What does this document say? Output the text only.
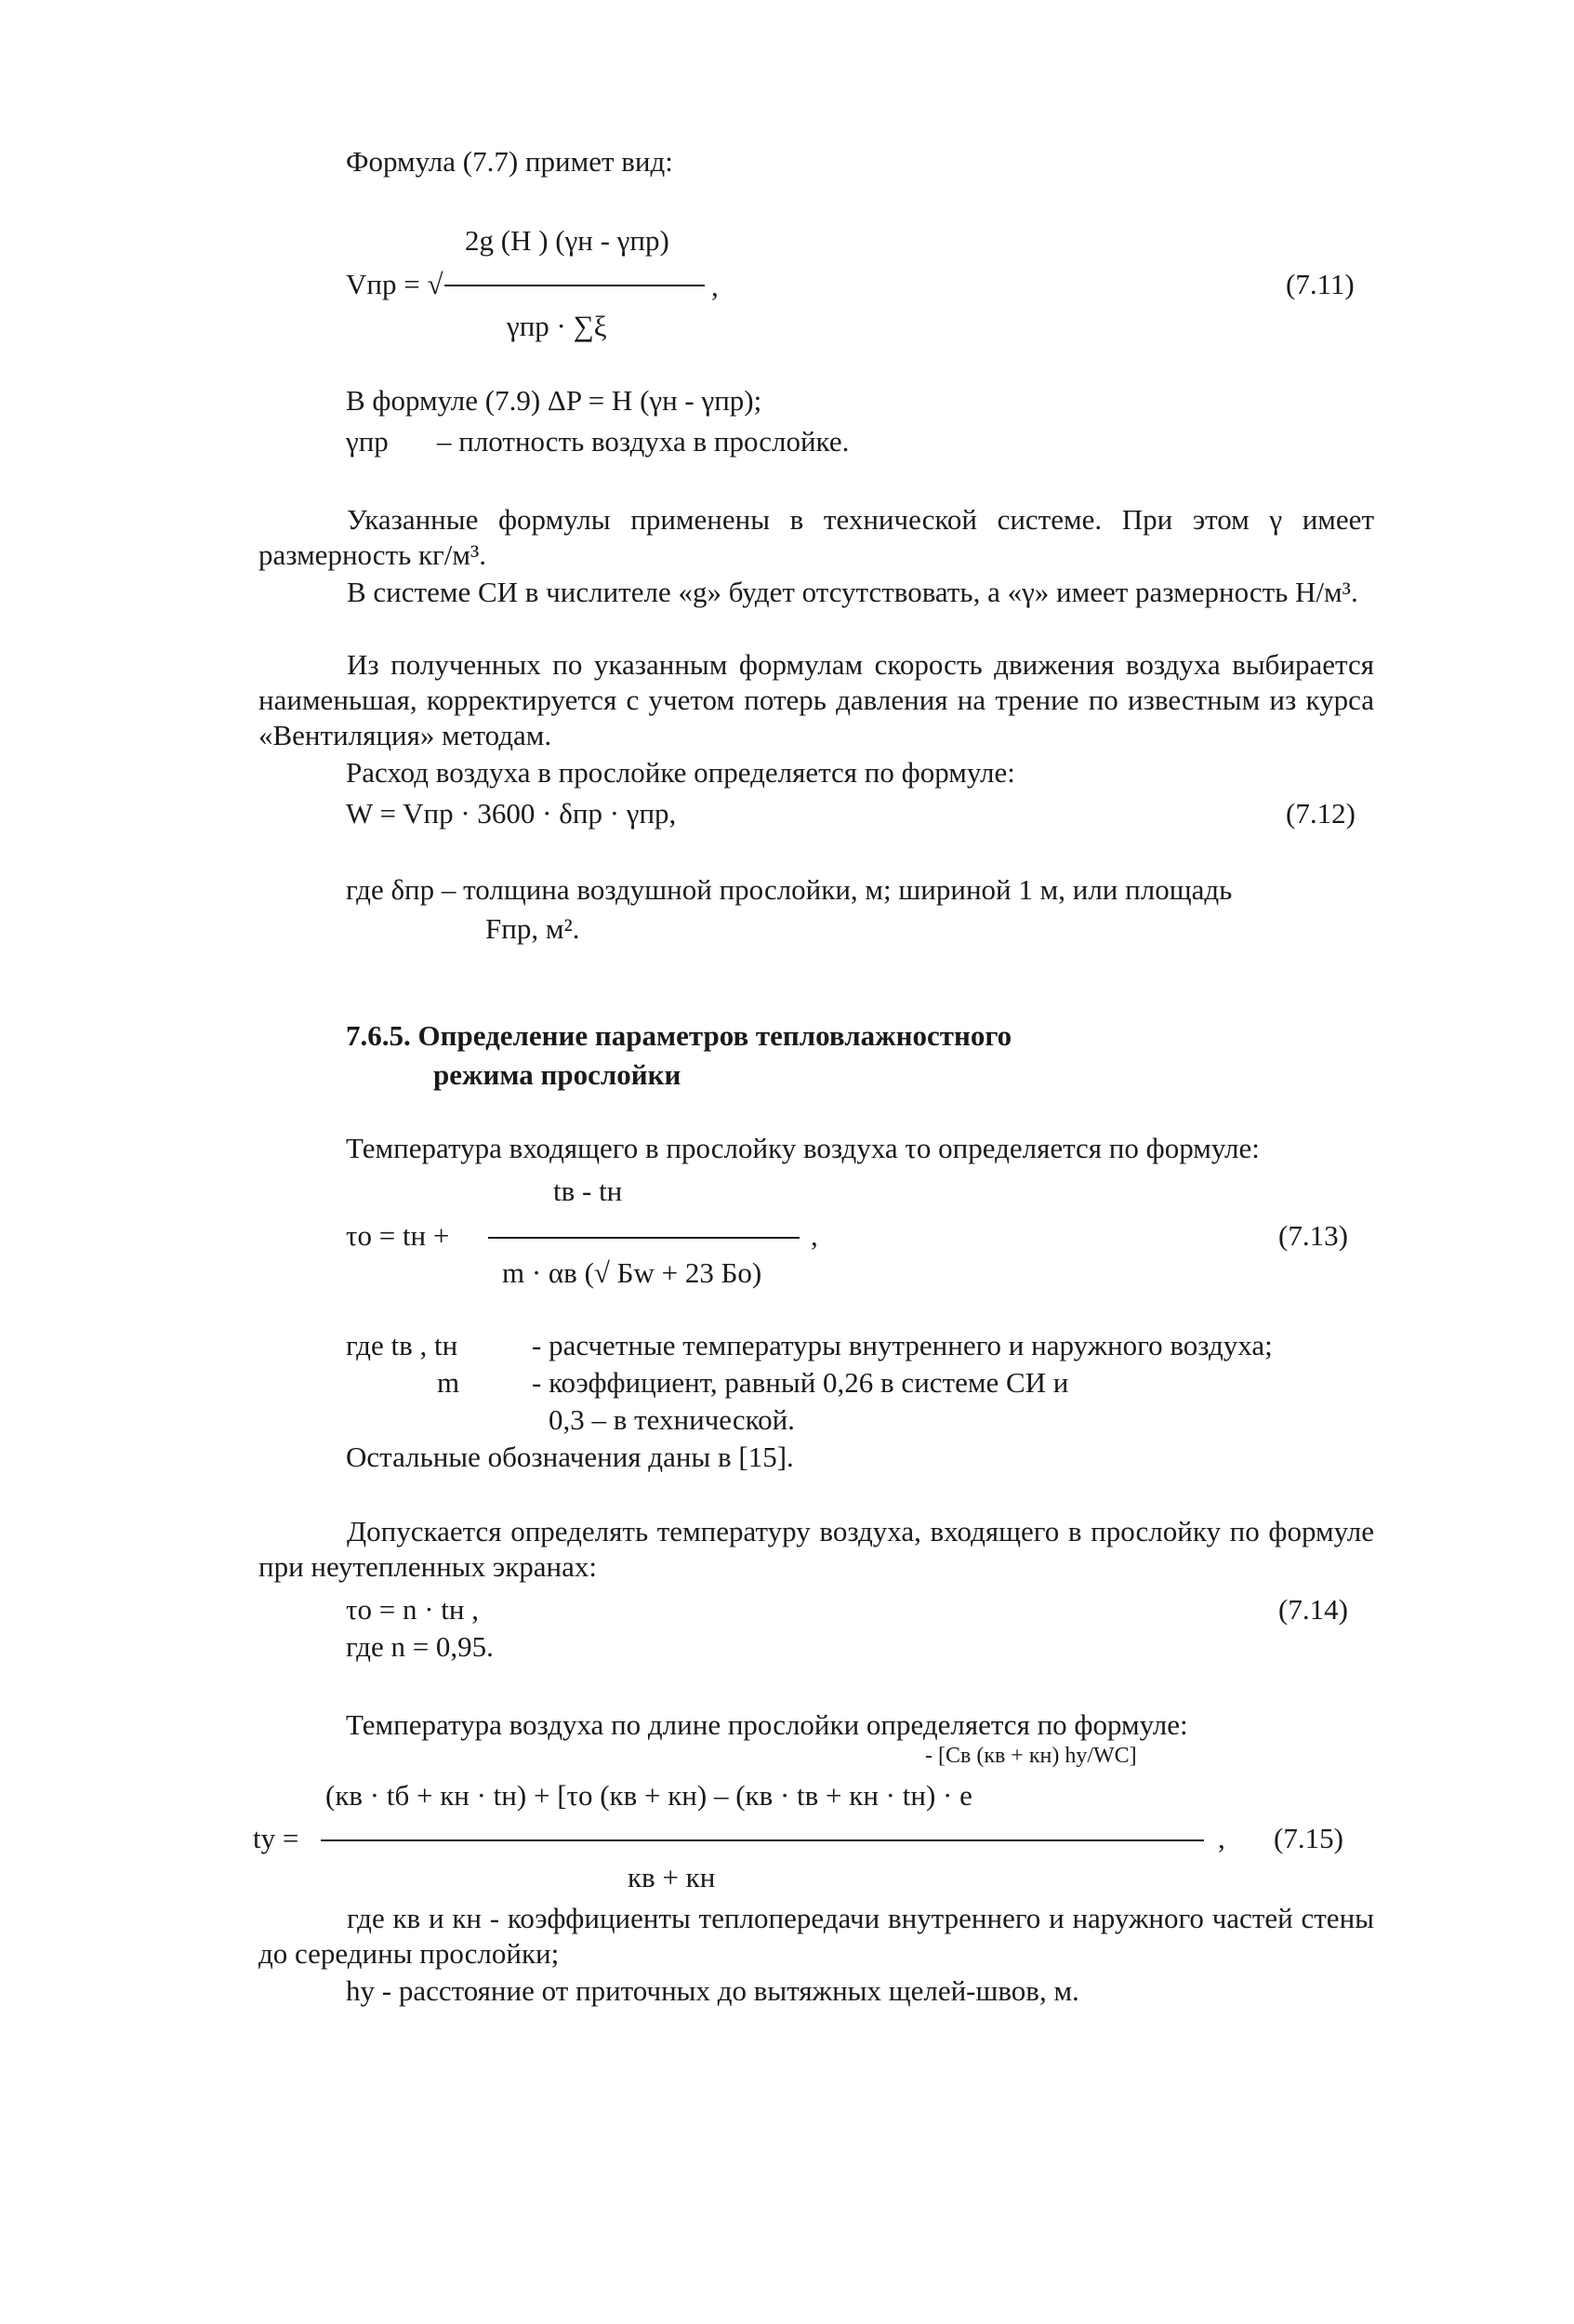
Формула (7.7) примет вид:
2g (H ) (γн - γпр)
Vпр = √	,
γпр · ∑ξ
(7.11)
В формуле (7.9) ΔP = H (γн - γпр);
γпр – плотность воздуха в прослойке.
Указанные формулы применены в технической системе. При этом γ имеет размерность кг/м³.
В системе СИ в числителе «g» будет отсутствовать, а «γ» имеет размерность Н/м³.
Из полученных по указанным формулам скорость движения воздуха выбирается наименьшая, корректируется с учетом потерь давления на трение по известным из курса «Вентиляция» методам.
Расход воздуха в прослойке определяется по формуле:
W = Vпр · 3600 · δпр · γпр,	(7.12)
где δпр – толщина воздушной прослойки, м; шириной 1 м, или площадь
Fпр, м².
7.6.5. Определение параметров тепловлажностного
режима прослойки
Температура входящего в прослойку воздуха τо определяется по формуле:
tв - tн
τо = tн +	,
m · αв (√ Бw + 23 Бо)
(7.13)
где tв , tн	- расчетные температуры внутреннего и наружного воздуха;
m	- коэффициент, равный 0,26 в системе СИ и
0,3 – в технической.
Остальные обозначения даны в [15].
Допускается определять температуру воздуха, входящего в прослойку по формуле при неутепленных экранах:
τо = n · tн ,	(7.14)
где n = 0,95.
Температура воздуха по длине прослойки определяется по формуле:
- [Св (кв + кн) hу/WC]
(кв · tб + кн · tн) + [τо (кв + кн) – (кв · tв + кн · tн) · е
tу =	,
кв + кн
(7.15)
где кв и кн - коэффициенты теплопередачи внутреннего и наружного частей стены до середины прослойки;
hу - расстояние от приточных до вытяжных щелей-швов, м.
